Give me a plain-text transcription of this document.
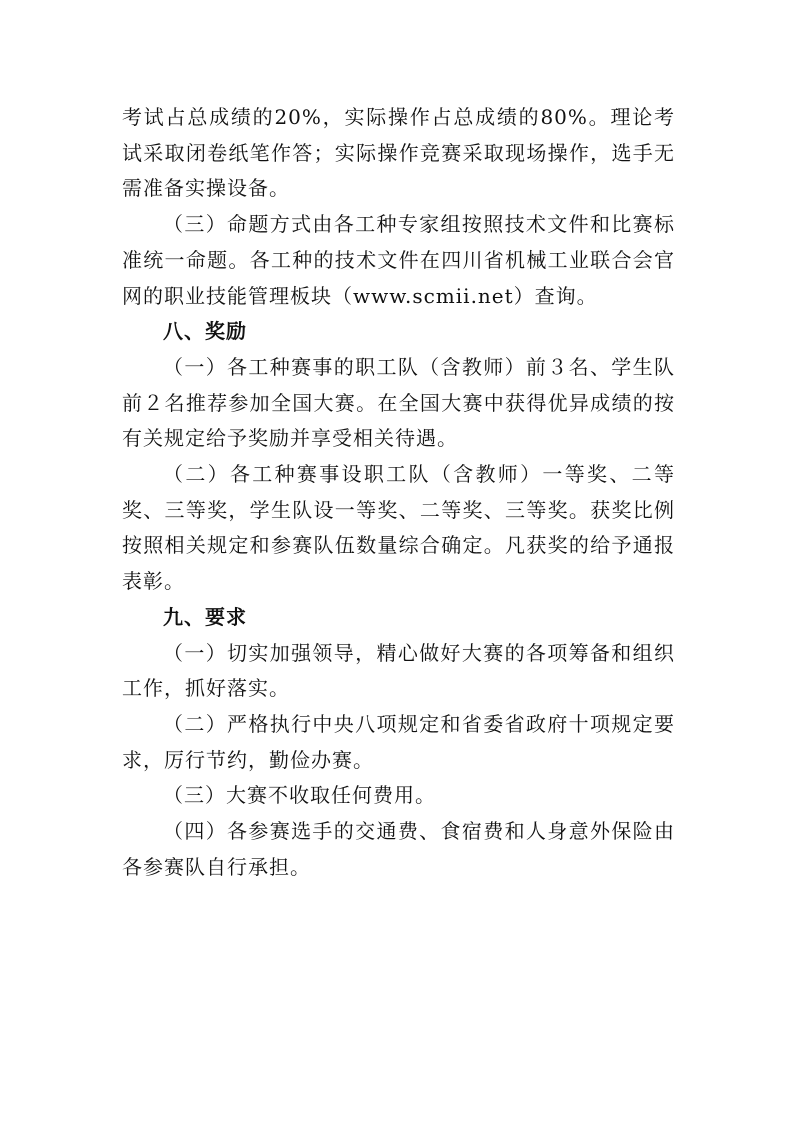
考试占总成绩的20%，实际操作占总成绩的80%。理论考试采取闭卷纸笔作答；实际操作竞赛采取现场操作，选手无需准备实操设备。

（三）命题方式由各工种专家组按照技术文件和比赛标准统一命题。各工种的技术文件在四川省机械工业联合会官网的职业技能管理板块（www.scmii.net）查询。

八、奖励

（一）各工种赛事的职工队（含教师）前３名、学生队前２名推荐参加全国大赛。在全国大赛中获得优异成绩的按有关规定给予奖励并享受相关待遇。

（二）各工种赛事设职工队（含教师）一等奖、二等奖、三等奖，学生队设一等奖、二等奖、三等奖。获奖比例按照相关规定和参赛队伍数量综合确定。凡获奖的给予通报表彰。

九、要求

（一）切实加强领导，精心做好大赛的各项筹备和组织工作，抓好落实。

（二）严格执行中央八项规定和省委省政府十项规定要求，厉行节约，勤俭办赛。

（三）大赛不收取任何费用。

（四）各参赛选手的交通费、食宿费和人身意外保险由各参赛队自行承担。
